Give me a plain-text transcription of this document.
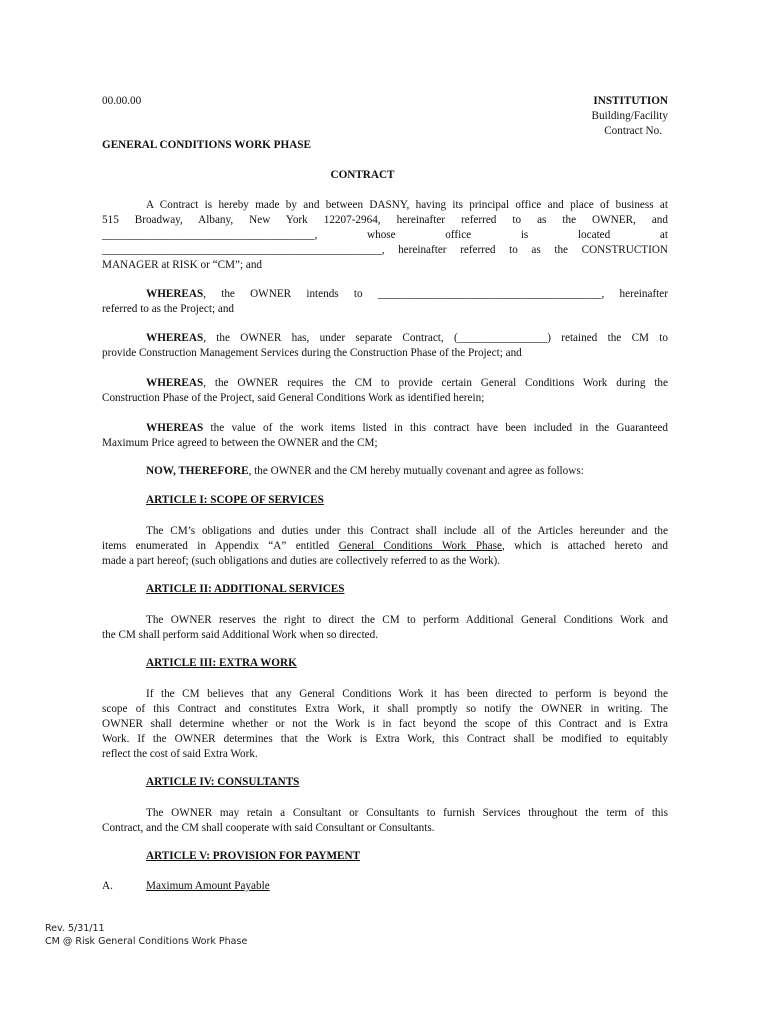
00.00.00	INSTITUTION
Building/Facility
Contract No.
GENERAL CONDITIONS WORK PHASE
CONTRACT
A Contract is hereby made by and between DASNY, having its principal office and place of business at
515 Broadway, Albany, New York 12207-2964, hereinafter referred to as the OWNER, and
______________________________________,	whose	office	is	located	at
__________________________________________________, hereinafter referred to as the CONSTRUCTION
MANAGER at RISK or “CM”; and
WHEREAS, the OWNER intends to ________________________________________, hereinafter
referred to as the Project; and
WHEREAS, the OWNER has, under separate Contract, (________________) retained the CM to
provide Construction Management Services during the Construction Phase of the Project; and
WHEREAS, the OWNER requires the CM to provide certain General Conditions Work during the
Construction Phase of the Project, said General Conditions Work as identified herein;
WHEREAS the value of the work items listed in this contract have been included in the Guaranteed
Maximum Price agreed to between the OWNER and the CM;
NOW, THEREFORE, the OWNER and the CM hereby mutually covenant and agree as follows:
ARTICLE I: SCOPE OF SERVICES
The CM’s obligations and duties under this Contract shall include all of the Articles hereunder and the
items enumerated in Appendix “A” entitled General Conditions Work Phase, which is attached hereto and
made a part hereof; (such obligations and duties are collectively referred to as the Work).
ARTICLE II: ADDITIONAL SERVICES
The OWNER reserves the right to direct the CM to perform Additional General Conditions Work and
the CM shall perform said Additional Work when so directed.
ARTICLE III: EXTRA WORK
If the CM believes that any General Conditions Work it has been directed to perform is beyond the
scope of this Contract and constitutes Extra Work, it shall promptly so notify the OWNER in writing. The
OWNER shall determine whether or not the Work is in fact beyond the scope of this Contract and is Extra
Work. If the OWNER determines that the Work is Extra Work, this Contract shall be modified to equitably
reflect the cost of said Extra Work.
ARTICLE IV: CONSULTANTS
The OWNER may retain a Consultant or Consultants to furnish Services throughout the term of this
Contract, and the CM shall cooperate with said Consultant or Consultants.
ARTICLE V: PROVISION FOR PAYMENT
A.	Maximum Amount Payable
Rev. 5/31/11
CM @ Risk General Conditions Work Phase
